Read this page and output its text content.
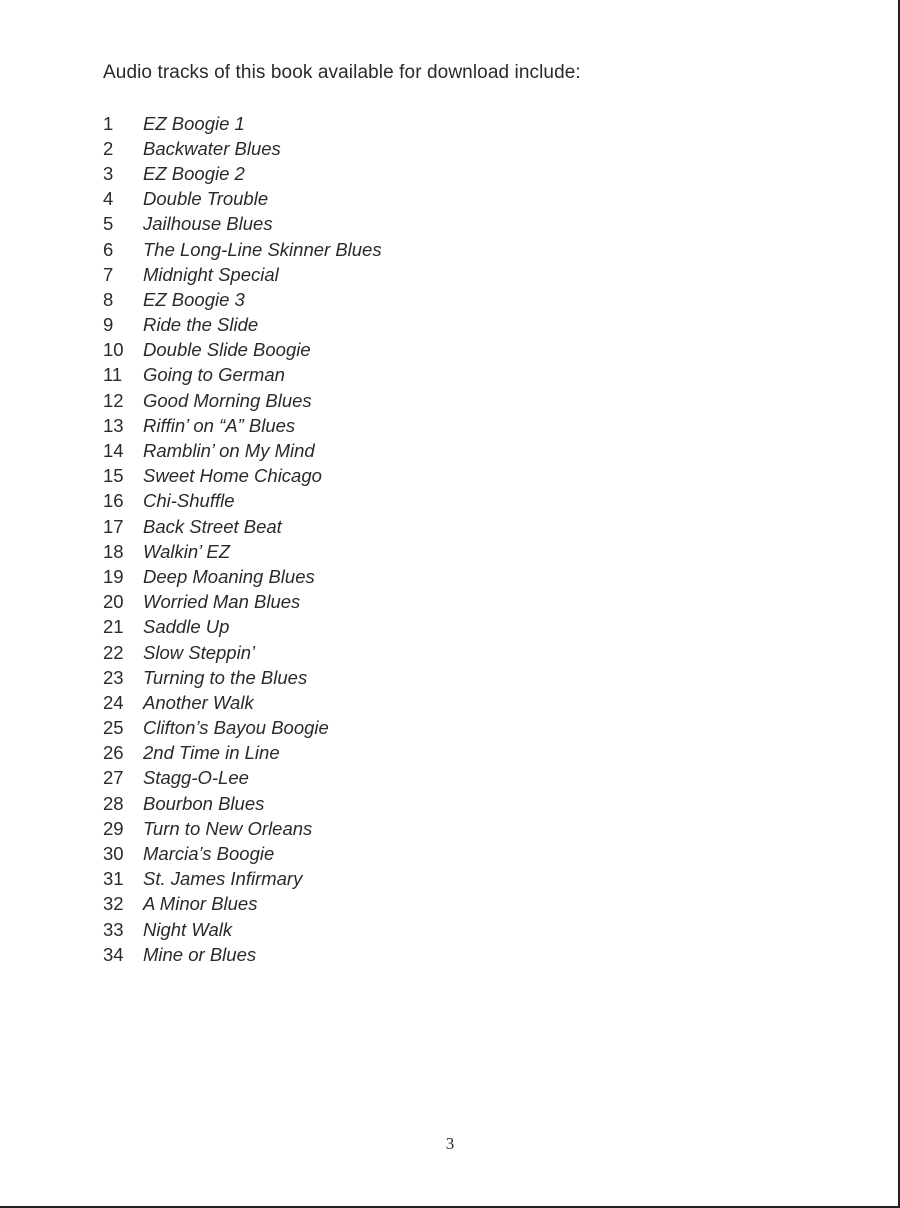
Audio tracks of this book available for download include:
1	EZ Boogie 1
2	Backwater Blues
3	EZ Boogie 2
4	Double Trouble
5	Jailhouse Blues
6	The Long-Line Skinner Blues
7	Midnight Special
8	EZ Boogie 3
9	Ride the Slide
10	Double Slide Boogie
11	Going to German
12	Good Morning Blues
13	Riffin’ on “A” Blues
14	Ramblin’ on My Mind
15	Sweet Home Chicago
16	Chi-Shuffle
17	Back Street Beat
18	Walkin’ EZ
19	Deep Moaning Blues
20	Worried Man Blues
21	Saddle Up
22	Slow Steppin’
23	Turning to the Blues
24	Another Walk
25	Clifton’s Bayou Boogie
26	2nd Time in Line
27	Stagg-O-Lee
28	Bourbon Blues
29	Turn to New Orleans
30	Marcia’s Boogie
31	St. James Infirmary
32	A Minor Blues
33	Night Walk
34	Mine or Blues
3
